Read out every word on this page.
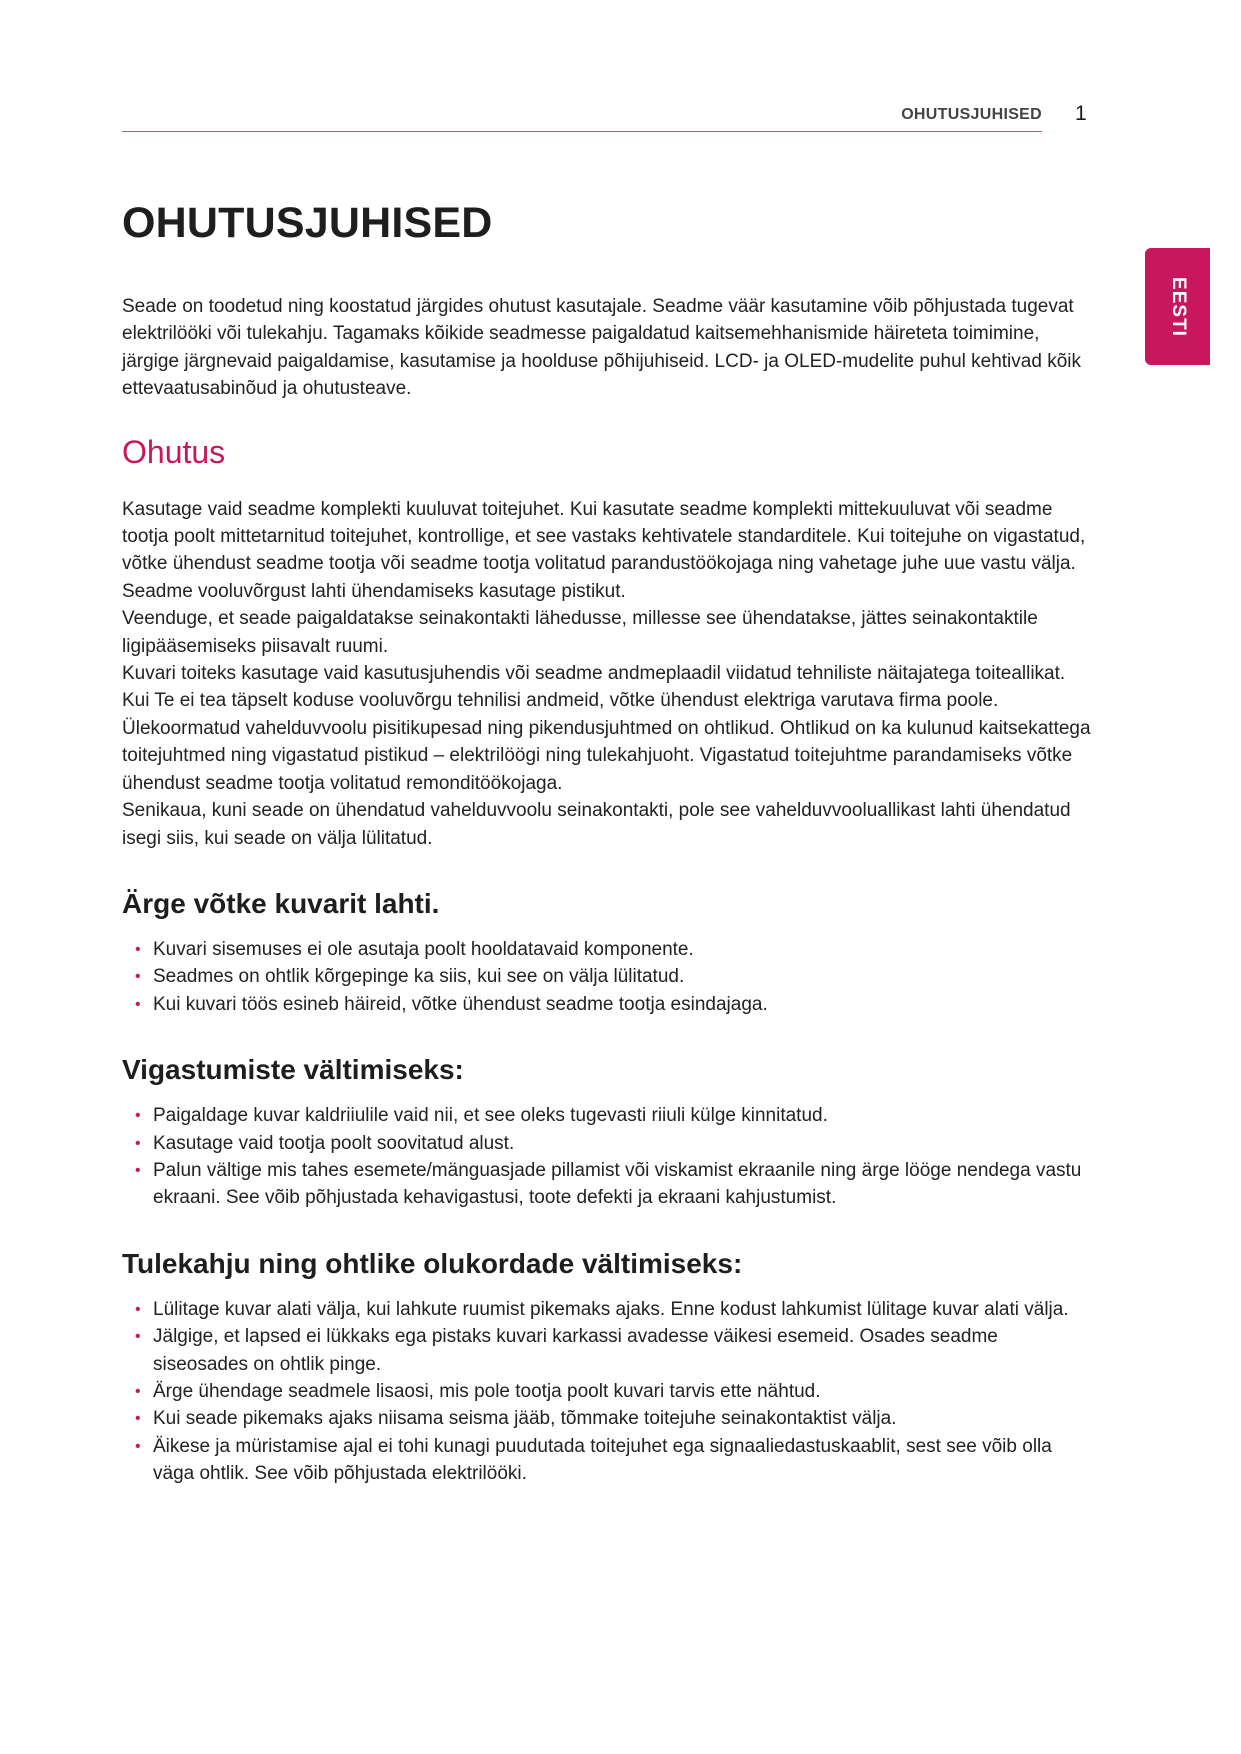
OHUTUSJUHISED 1
EESTI
OHUTUSJUHISED

Seade on toodetud ning koostatud järgides ohutust kasutajale. Seadme väär kasutamine võib põhjustada tugevat elektrilööki või tulekahju. Tagamaks kõikide seadmesse paigaldatud kaitsemehhanismide häireteta toimimine, järgige järgnevaid paigaldamise, kasutamise ja hoolduse põhijuhiseid. LCD- ja OLED-mudelite puhul kehtivad kõik ettevaatusabinõud ja ohutusteave.

Ohutus

Kasutage vaid seadme komplekti kuuluvat toitejuhet. Kui kasutate seadme komplekti mittekuuluvat või seadme tootja poolt mittetarnitud toitejuhet, kontrollige, et see vastaks kehtivatele standarditele. Kui toitejuhe on vigastatud, võtke ühendust seadme tootja või seadme tootja volitatud parandustöökojaga ning vahetage juhe uue vastu välja.

Seadme vooluvõrgust lahti ühendamiseks kasutage pistikut.

Veenduge, et seade paigaldatakse seinakontakti lähedusse, millesse see ühendatakse, jättes seinakontaktile ligipääsemiseks piisavalt ruumi.

Kuvari toiteks kasutage vaid kasutusjuhendis või seadme andmeplaadil viidatud tehniliste näitajatega toiteallikat. Kui Te ei tea täpselt koduse vooluvõrgu tehnilisi andmeid, võtke ühendust elektriga varutava firma poole.

Ülekoormatud vahelduvvoolu pisitikupesad ning pikendusjuhtmed on ohtlikud. Ohtlikud on ka kulunud kaitsekattega toitejuhtmed ning vigastatud pistikud – elektrilöögi ning tulekahjuoht. Vigastatud toitejuhtme parandamiseks võtke ühendust seadme tootja volitatud remonditöökojaga.

Senikaua, kuni seade on ühendatud vahelduvvoolu seinakontakti, pole see vahelduvvooluallikast lahti ühendatud isegi siis, kui seade on välja lülitatud.

Ärge võtke kuvarit lahti.
• Kuvari sisemuses ei ole asutaja poolt hooldatavaid komponente.
• Seadmes on ohtlik kõrgepinge ka siis, kui see on välja lülitatud.
• Kui kuvari töös esineb häireid, võtke ühendust seadme tootja esindajaga.
Vigastumiste vältimiseks:
• Paigaldage kuvar kaldriiulile vaid nii, et see oleks tugevasti riiuli külge kinnitatud.
• Kasutage vaid tootja poolt soovitatud alust.
• Palun vältige mis tahes esemete/mänguasjade pillamist või viskamist ekraanile ning ärge lööge nendega vastu ekraani. See võib põhjustada kehavigastusi, toote defekti ja ekraani kahjustumist.
Tulekahju ning ohtlike olukordade vältimiseks:
• Lülitage kuvar alati välja, kui lahkute ruumist pikemaks ajaks. Enne kodust lahkumist lülitage kuvar alati välja.
• Jälgige, et lapsed ei lükkaks ega pistaks kuvari karkassi avadesse väikesi esemeid. Osades seadme siseosades on ohtlik pinge.
• Ärge ühendage seadmele lisaosi, mis pole tootja poolt kuvari tarvis ette nähtud.
• Kui seade pikemaks ajaks niisama seisma jääb, tõmmake toitejuhe seinakontaktist välja.
• Äikese ja müristamise ajal ei tohi kunagi puudutada toitejuhet ega signaaliedastuskaablit, sest see võib olla väga ohtlik. See võib põhjustada elektrilööki.
